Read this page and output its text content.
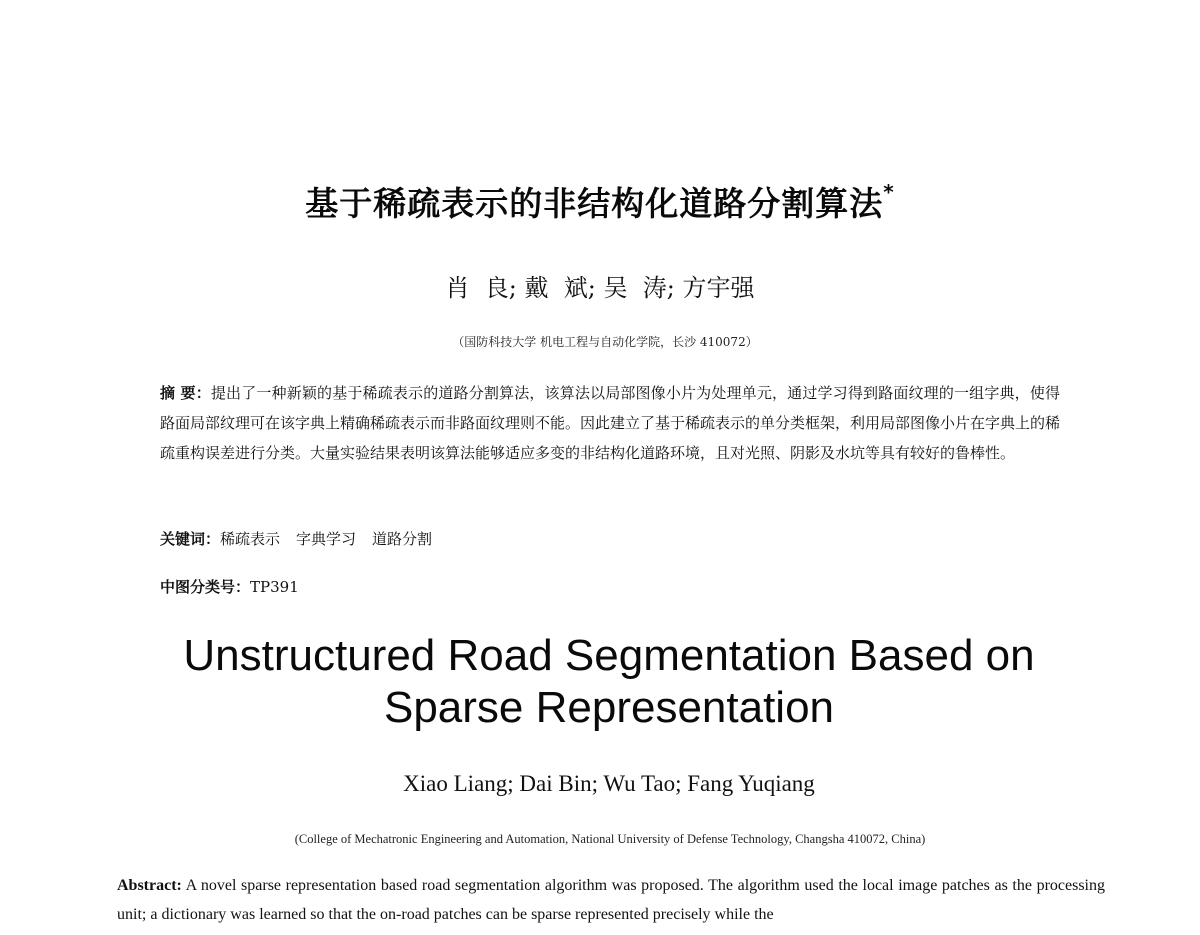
基于稀疏表示的非结构化道路分割算法*
肖  良; 戴  斌; 吴  涛; 方宇强
（国防科技大学 机电工程与自动化学院，长沙 410072）
摘 要：提出了一种新颖的基于稀疏表示的道路分割算法，该算法以局部图像小片为处理单元，通过学习得到路面纹理的一组字典，使得路面局部纹理可在该字典上精确稀疏表示而非路面纹理则不能。因此建立了基于稀疏表示的单分类框架，利用局部图像小片在字典上的稀疏重构误差进行分类。大量实验结果表明该算法能够适应多变的非结构化道路环境，且对光照、阴影及水坑等具有较好的鲁棒性。
关键词：稀疏表示 字典学习 道路分割
中图分类号：TP391
Unstructured Road Segmentation Based on
Sparse Representation
Xiao Liang; Dai Bin; Wu Tao; Fang Yuqiang
(College of Mechatronic Engineering and Automation, National University of Defense Technology, Changsha 410072, China)
Abstract: A novel sparse representation based road segmentation algorithm was proposed. The algorithm used the local image patches as the processing unit; a dictionary was learned so that the on-road patches can be sparse represented precisely while the
